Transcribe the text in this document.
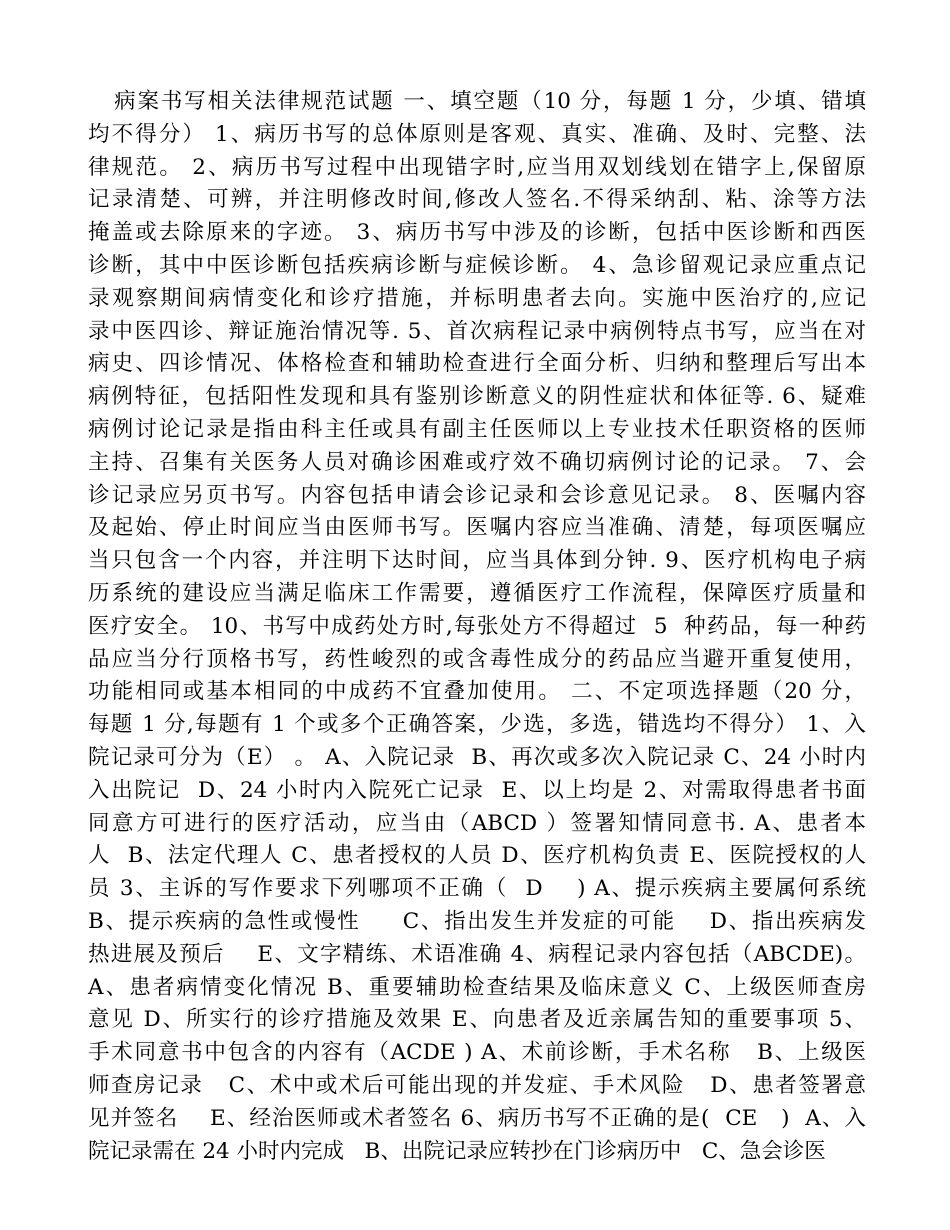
病案书写相关法律规范试题 一、填空题（10 分，每题 1 分，少填、错填
均不得分） 1、病历书写的总体原则是客观、真实、准确、及时、完整、法
律规范。 2、病历书写过程中出现错字时,应当用双划线划在错字上,保留原
记录清楚、可辨，并注明修改时间,修改人签名.不得采纳刮、粘、涂等方法
掩盖或去除原来的字迹。 3、病历书写中涉及的诊断，包括中医诊断和西医
诊断，其中中医诊断包括疾病诊断与症候诊断。 4、急诊留观记录应重点记
录观察期间病情变化和诊疗措施，并标明患者去向。实施中医治疗的,应记
录中医四诊、辩证施治情况等. 5、首次病程记录中病例特点书写，应当在对
病史、四诊情况、体格检查和辅助检查进行全面分析、归纳和整理后写出本
病例特征，包括阳性发现和具有鉴别诊断意义的阴性症状和体征等. 6、疑难
病例讨论记录是指由科主任或具有副主任医师以上专业技术任职资格的医师
主持、召集有关医务人员对确诊困难或疗效不确切病例讨论的记录。 7、会
诊记录应另页书写。内容包括申请会诊记录和会诊意见记录。 8、医嘱内容
及起始、停止时间应当由医师书写。医嘱内容应当准确、清楚，每项医嘱应
当只包含一个内容，并注明下达时间，应当具体到分钟. 9、医疗机构电子病
历系统的建设应当满足临床工作需要，遵循医疗工作流程，保障医疗质量和
医疗安全。 10、书写中成药处方时,每张处方不得超过  5  种药品，每一种药
品应当分行顶格书写，药性峻烈的或含毒性成分的药品应当避开重复使用，
功能相同或基本相同的中成药不宜叠加使用。 二、不定项选择题（20 分，
每题 1 分,每题有 1 个或多个正确答案，少选，多选，错选均不得分） 1、入
院记录可分为（E） 。 A、入院记录  B、再次或多次入院记录 C、24 小时内
入出院记  D、24 小时内入院死亡记录  E、以上均是 2、对需取得患者书面
同意方可进行的医疗活动，应当由（ABCD ）签署知情同意书. A、患者本
人  B、法定代理人 C、患者授权的人员 D、医疗机构负责 E、医院授权的人
员 3、主诉的写作要求下列哪项不正确（  D    ) A、提示疾病主要属何系统
B、提示疾病的急性或慢性     C、指出发生并发症的可能    D、指出疾病发
热进展及预后    E、文字精练、术语准确 4、病程记录内容包括（ABCDE)。
A、患者病情变化情况 B、重要辅助检查结果及临床意义 C、上级医师查房
意见 D、所实行的诊疗措施及效果 E、向患者及近亲属告知的重要事项 5、
手术同意书中包含的内容有（ACDE ) A、术前诊断，手术名称   B、上级医
师查房记录   C、术中或术后可能出现的并发症、手术风险   D、患者签署意
见并签名    E、经治医师或术者签名 6、病历书写不正确的是(  CE   )  A、入
院记录需在 24 小时内完成   B、出院记录应转抄在门诊病历中   C、急会诊医
